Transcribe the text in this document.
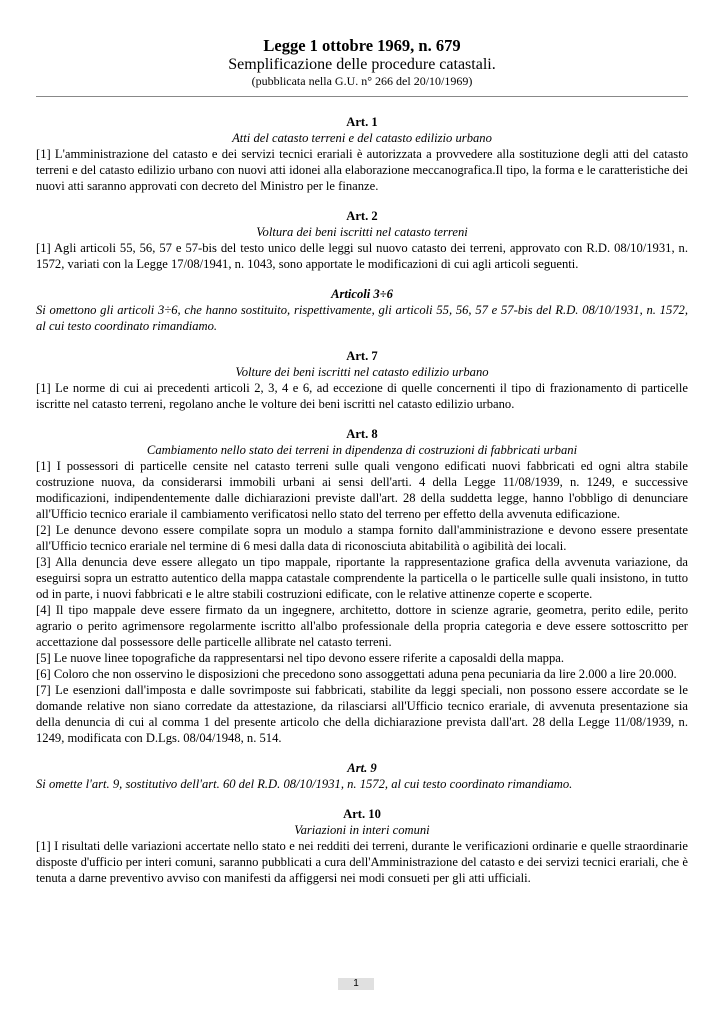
Legge 1 ottobre 1969, n. 679
Semplificazione delle procedure catastali.
(pubblicata nella G.U. n° 266 del 20/10/1969)
Art. 1
Atti del catasto terreni e del catasto edilizio urbano
[1] L'amministrazione del catasto e dei servizi tecnici erariali è autorizzata a provvedere alla sostituzione degli atti del catasto terreni e del catasto edilizio urbano con nuovi atti idonei alla elaborazione meccanografica.Il tipo, la forma e le caratteristiche dei nuovi atti saranno approvati con decreto del Ministro per le finanze.
Art. 2
Voltura dei beni iscritti nel catasto terreni
[1] Agli articoli 55, 56, 57 e 57-bis del testo unico delle leggi sul nuovo catasto dei terreni, approvato con R.D. 08/10/1931, n. 1572, variati con la Legge 17/08/1941, n. 1043, sono apportate le modificazioni di cui agli articoli seguenti.
Articoli 3÷6
Si omettono gli articoli 3÷6, che hanno sostituito, rispettivamente, gli articoli 55, 56, 57 e 57-bis del R.D. 08/10/1931, n. 1572, al cui testo coordinato rimandiamo.
Art. 7
Volture dei beni iscritti nel catasto edilizio urbano
[1] Le norme di cui ai precedenti articoli 2, 3, 4 e 6, ad eccezione di quelle concernenti il tipo di frazionamento di particelle iscritte nel catasto terreni, regolano anche le volture dei beni iscritti nel catasto edilizio urbano.
Art. 8
Cambiamento nello stato dei terreni in dipendenza di costruzioni di fabbricati urbani
[1] I possessori di particelle censite nel catasto terreni sulle quali vengono edificati nuovi fabbricati ed ogni altra stabile costruzione nuova, da considerarsi immobili urbani ai sensi dell'arti. 4 della Legge 11/08/1939, n. 1249, e successive modificazioni, indipendentemente dalle dichiarazioni previste dall'art. 28 della suddetta legge, hanno l'obbligo di denunciare all'Ufficio tecnico erariale il cambiamento verificatosi nello stato del terreno per effetto della avvenuta edificazione.
[2] Le denunce devono essere compilate sopra un modulo a stampa fornito dall'amministrazione e devono essere presentate all'Ufficio tecnico erariale nel termine di 6 mesi dalla data di riconosciuta abitabilità o agibilità dei locali.
[3] Alla denuncia deve essere allegato un tipo mappale, riportante la rappresentazione grafica della avvenuta variazione, da eseguirsi sopra un estratto autentico della mappa catastale comprendente la particella o le particelle sulle quali insistono, in tutto od in parte, i nuovi fabbricati e le altre stabili costruzioni edificate, con le relative attinenze coperte e scoperte.
[4] Il tipo mappale deve essere firmato da un ingegnere, architetto, dottore in scienze agrarie, geometra, perito edile, perito agrario o perito agrimensore regolarmente iscritto all'albo professionale della propria categoria e deve essere sottoscritto per accettazione dal possessore delle particelle allibrate nel catasto terreni.
[5] Le nuove linee topografiche da rappresentarsi nel tipo devono essere riferite a caposaldi della mappa.
[6] Coloro che non osservino le disposizioni che precedono sono assoggettati aduna pena pecuniaria da lire 2.000 a lire 20.000.
[7] Le esenzioni dall'imposta e dalle sovrimposte sui fabbricati, stabilite da leggi speciali, non possono essere accordate se le domande relative non siano corredate da attestazione, da rilasciarsi all'Ufficio tecnico erariale, di avvenuta presentazione sia della denuncia di cui al comma 1 del presente articolo che della dichiarazione prevista dall'art. 28 della Legge 11/08/1939, n. 1249, modificata con D.Lgs. 08/04/1948, n. 514.
Art. 9
Si omette l'art. 9, sostitutivo dell'art. 60 del R.D. 08/10/1931, n. 1572, al cui testo coordinato rimandiamo.
Art. 10
Variazioni in interi comuni
[1] I risultati delle variazioni accertate nello stato e nei redditi dei terreni, durante le verificazioni ordinarie e quelle straordinarie disposte d'ufficio per interi comuni, saranno pubblicati a cura dell'Amministrazione del catasto e dei servizi tecnici erariali, che è tenuta a darne preventivo avviso con manifesti da affiggersi nei modi consueti per gli atti ufficiali.
1
